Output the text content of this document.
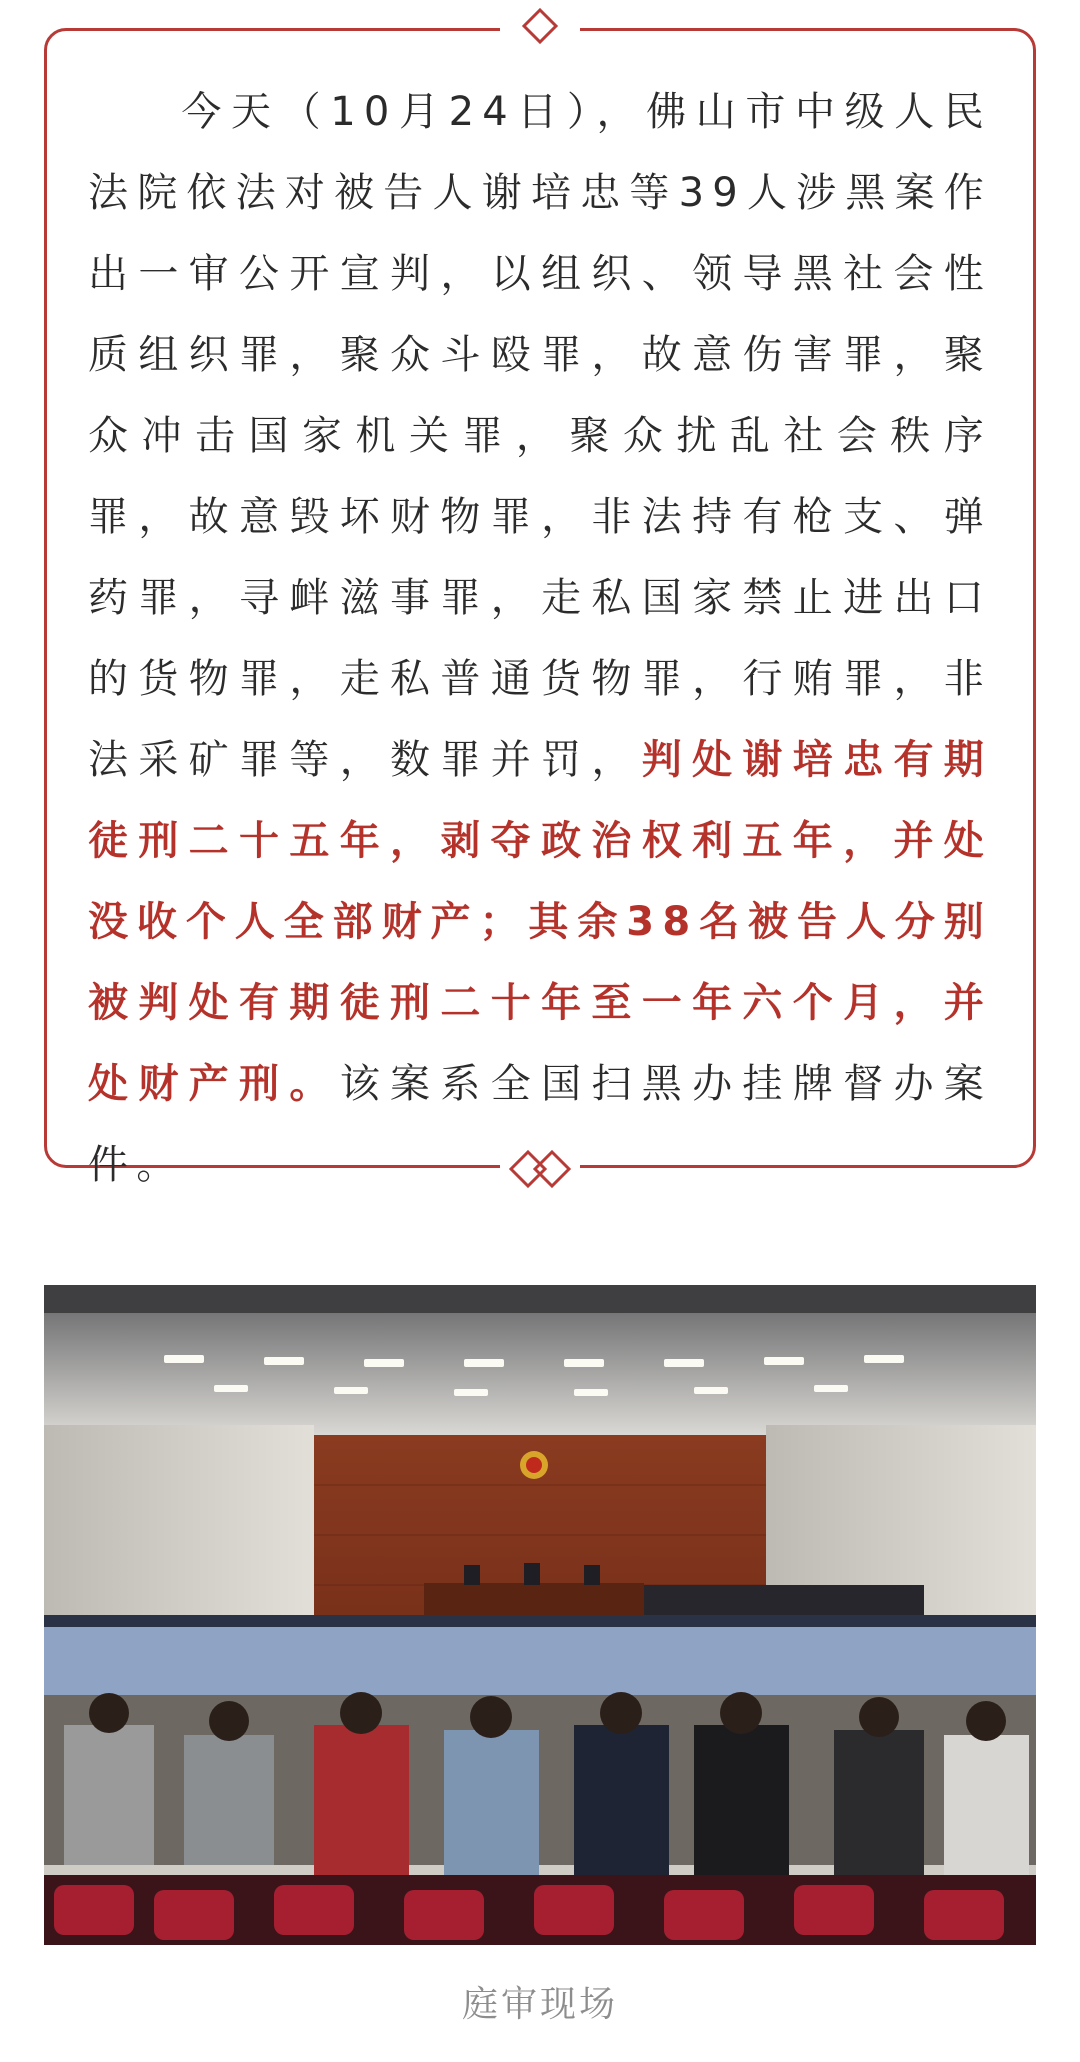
今天（10月24日），佛山市中级人民法院依法对被告人谢培忠等39人涉黑案作出一审公开宣判，以组织、领导黑社会性质组织罪，聚众斗殴罪，故意伤害罪，聚众冲击国家机关罪，聚众扰乱社会秩序罪，故意毁坏财物罪，非法持有枪支、弹药罪，寻衅滋事罪，走私国家禁止进出口的货物罪，走私普通货物罪，行贿罪，非法采矿罪等，数罪并罚，判处谢培忠有期徒刑二十五年，剥夺政治权利五年，并处没收个人全部财产；其余38名被告人分别被判处有期徒刑二十年至一年六个月，并处财产刑。该案系全国扫黑办挂牌督办案件。

庭审现场
